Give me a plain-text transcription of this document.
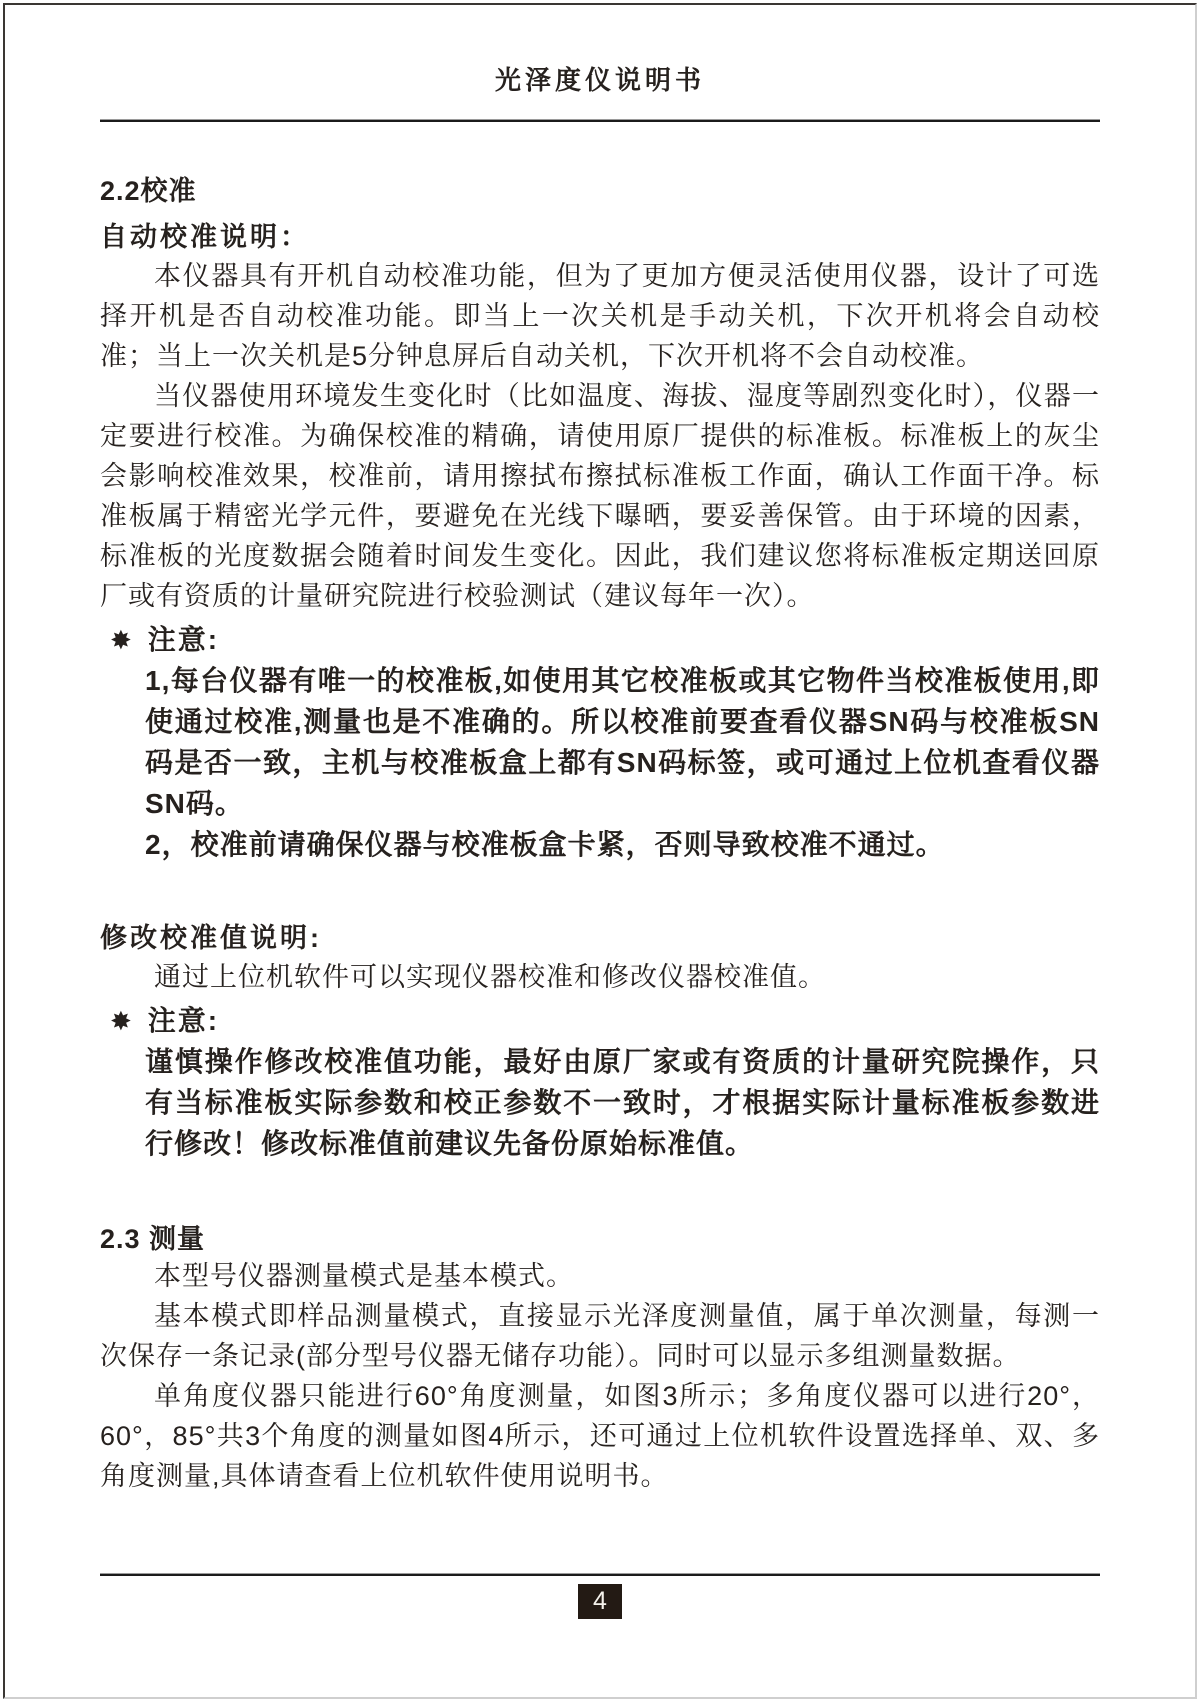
光泽度仪说明书
2.2校准
自动校准说明：

本仪器具有开机自动校准功能，但为了更加方便灵活使用仪器，设计了可选择开机是否自动校准功能。即当上一次关机是手动关机，下次开机将会自动校准；当上一次关机是5分钟息屏后自动关机，下次开机将不会自动校准。

当仪器使用环境发生变化时（比如温度、海拔、湿度等剧烈变化时），仪器一定要进行校准。为确保校准的精确，请使用原厂提供的标准板。标准板上的灰尘会影响校准效果，校准前，请用擦拭布擦拭标准板工作面，确认工作面干净。标准板属于精密光学元件，要避免在光线下曝晒，要妥善保管。由于环境的因素，标准板的光度数据会随着时间发生变化。因此，我们建议您将标准板定期送回原厂或有资质的计量研究院进行校验测试（建议每年一次）。

✸ 注意:

1,每台仪器有唯一的校准板,如使用其它校准板或其它物件当校准板使用,即使通过校准,测量也是不准确的。所以校准前要查看仪器SN码与校准板SN码是否一致，主机与校准板盒上都有SN码标签，或可通过上位机查看仪器SN码。

2，校准前请确保仪器与校准板盒卡紧，否则导致校准不通过。

修改校准值说明:

通过上位机软件可以实现仪器校准和修改仪器校准值。

✸ 注意:

谨慎操作修改校准值功能，最好由原厂家或有资质的计量研究院操作，只有当标准板实际参数和校正参数不一致时，才根据实际计量标准板参数进行修改！修改标准值前建议先备份原始标准值。

2.3 测量

本型号仪器测量模式是基本模式。

基本模式即样品测量模式，直接显示光泽度测量值，属于单次测量，每测一次保存一条记录(部分型号仪器无储存功能）。同时可以显示多组测量数据。

单角度仪器只能进行60°角度测量，如图3所示；多角度仪器可以进行20°，60°，85°共3个角度的测量如图4所示，还可通过上位机软件设置选择单、双、多角度测量,具体请查看上位机软件使用说明书。

4
